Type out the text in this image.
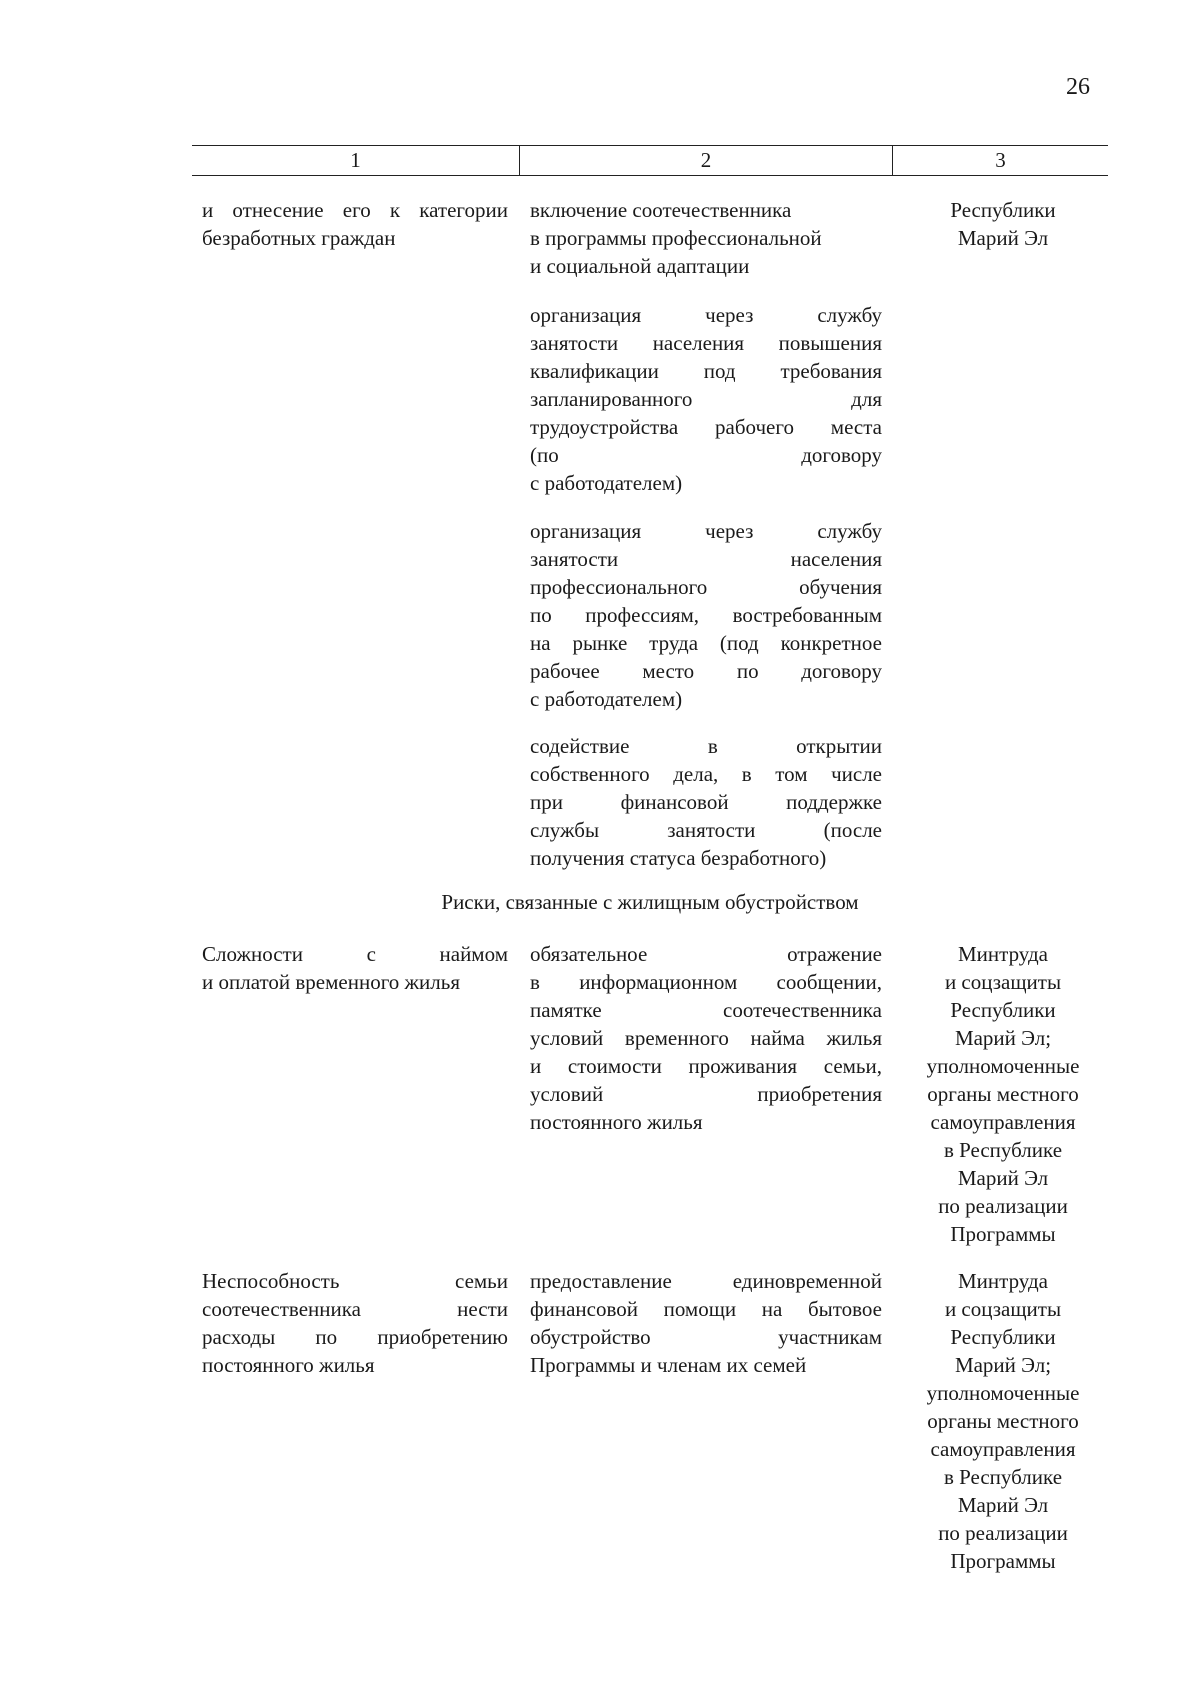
26
1	2	3
и отнесение его к категории
безработных граждан
включение соотечественника
в программы профессиональной
и социальной адаптации
организация через службу
занятости населения повышения
квалификации под требования
запланированного для
трудоустройства рабочего места
(по договору
с работодателем)
организация через службу
занятости населения
профессионального обучения
по профессиям, востребованным
на рынке труда (под конкретное
рабочее место по договору
с работодателем)
содействие в открытии
собственного дела, в том числе
при финансовой поддержке
службы занятости (после
получения статуса безработного)
Республики
Марий Эл
Риски, связанные с жилищным обустройством
Сложности с наймом
и оплатой временного жилья
обязательное отражение
в информационном сообщении,
памятке соотечественника
условий временного найма жилья
и стоимости проживания семьи,
условий приобретения
постоянного жилья
Минтруда
и соцзащиты
Республики
Марий Эл;
уполномоченные
органы местного
самоуправления
в Республике
Марий Эл
по реализации
Программы
Неспособность семьи
соотечественника нести
расходы по приобретению
постоянного жилья
предоставление единовременной
финансовой помощи на бытовое
обустройство участникам
Программы и членам их семей
Минтруда
и соцзащиты
Республики
Марий Эл;
уполномоченные
органы местного
самоуправления
в Республике
Марий Эл
по реализации
Программы
